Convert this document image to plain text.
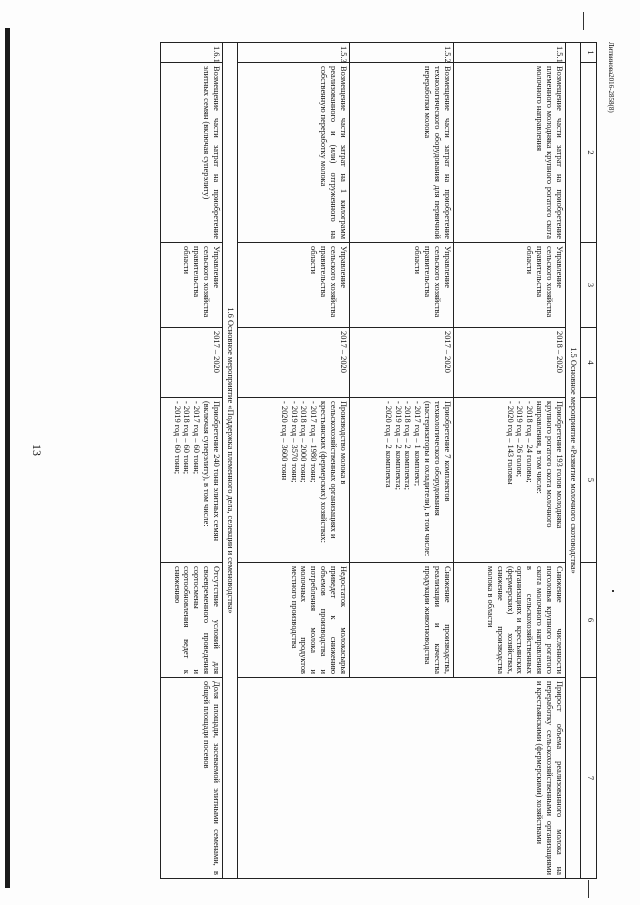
13
Литвинова2016-2858(8)
1	2	3	4	5	6	7
1.5 Основное мероприятие «Развитие молочного скотоводства»						
1.5.1	Возмещение части затрат на приобретение племенного молодняка крупного рогатого скота молочного направления	Управление сельского хозяйства правительства области	2018 – 2020	Приобретение 193 голов молодняка крупного рогатого скота молочного направления, в том числе:
- 2018 год – 24 головы;
- 2019 год – 26 голов;
- 2020 год – 143 головы	Снижение численности поголовья крупного рогатого скота молочного направления в сельскохозяйственных организациях и крестьянских (фермерских) хозяйствах, снижение производства молока в области	Прирост объема реализованного молока на переработку сельскохозяйственными организациями и крестьянскими (фермерскими) хозяйствами
1.5.2	Возмещение части затрат на приобретение технологического оборудования для первичной переработки молока	Управление сельского хозяйства правительства области	2017 – 2020	Приобретение 7 комплектов технологического оборудования (пастеризаторы и охладители), в том числе:
- 2017 год – 1 комплект;
- 2018 год – 2 комплекта;
- 2019 год – 2 комплекта;
- 2020 год – 2 комплекта	Снижение производства, реализации и качества продукции животноводства	
1.5.3	Возмещение части затрат на 1 килограмм реализованного и (или) отгруженного на собственную переработку молока	Управление сельского хозяйства правительства области	2017 – 2020	Производство молока в сельскохозяйственных организациях и крестьянских (фермерских) хозяйствах:
- 2017 год – 1980 тонн;
- 2018 год – 2000 тонн;
- 2019 год – 3570 тонн;
- 2020 год – 3600 тонн	Недостаток молокасырья приведет к снижению объемов производства и потребления молока и молочных продуктов местного производства	
1.6 Основное мероприятие «Поддержка племенного дела, селекции и семеноводства»						
1.6.1	Возмещение части затрат на приобретение элитных семян (включая суперэлиту)	Управление сельского хозяйства правительства области	2017 – 2020	Приобретение 240 тонн элитных семян (включая суперэлиту), в том числе:
- 2017 год – 60 тонн;
- 2018 год – 60 тонн;
- 2019 год – 60 тонн;	Отсутствие условий для своевременного проведения сортосмены и сортообновления ведет к снижению	Доля площади, засеваемой элитными семенами, в общей площади посевов
